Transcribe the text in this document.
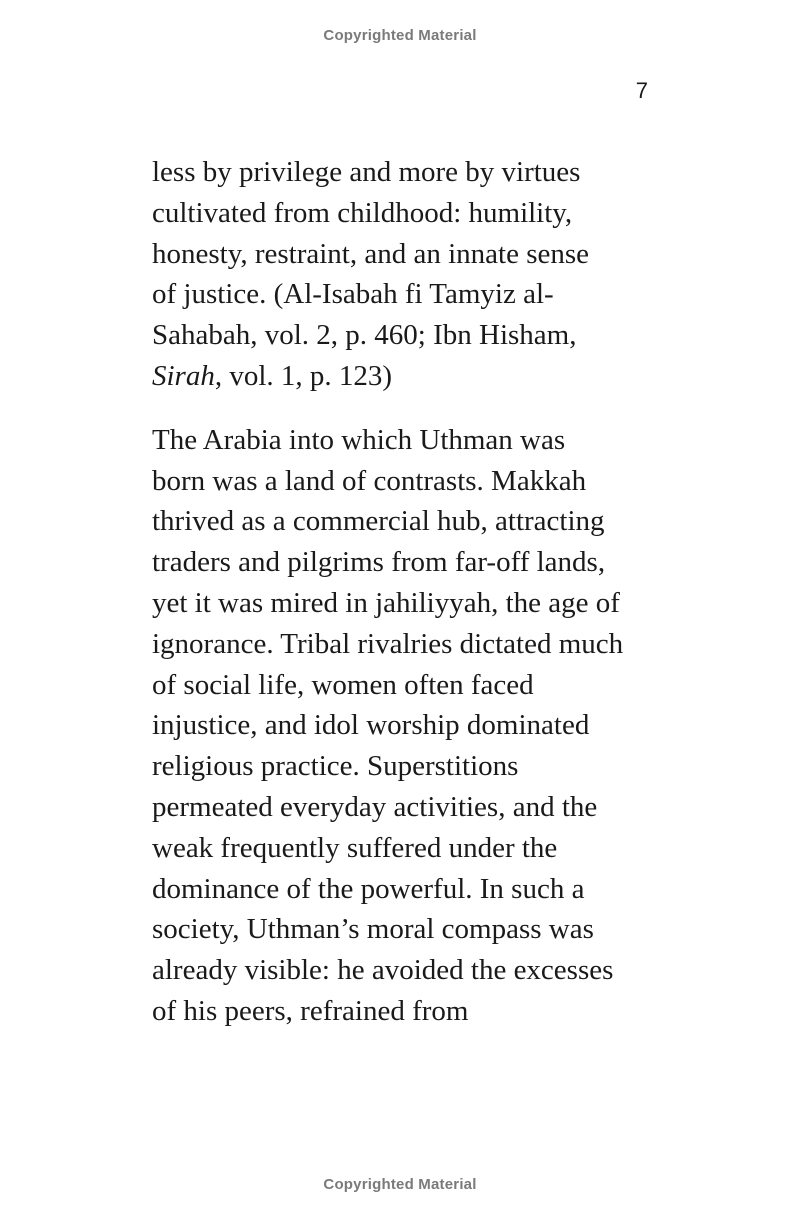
Copyrighted Material
7

less by privilege and more by virtues
cultivated from childhood: humility,
honesty, restraint, and an innate sense
of justice. (Al-Isabah fi Tamyiz al-
Sahabah, vol. 2, p. 460; Ibn Hisham,
Sirah, vol. 1, p. 123)

The Arabia into which Uthman was
born was a land of contrasts. Makkah
thrived as a commercial hub, attracting
traders and pilgrims from far-off lands,
yet it was mired in jahiliyyah, the age of
ignorance. Tribal rivalries dictated much
of social life, women often faced
injustice, and idol worship dominated
religious practice. Superstitions
permeated everyday activities, and the
weak frequently suffered under the
dominance of the powerful. In such a
society, Uthman’s moral compass was
already visible: he avoided the excesses
of his peers, refrained from

Copyrighted Material
